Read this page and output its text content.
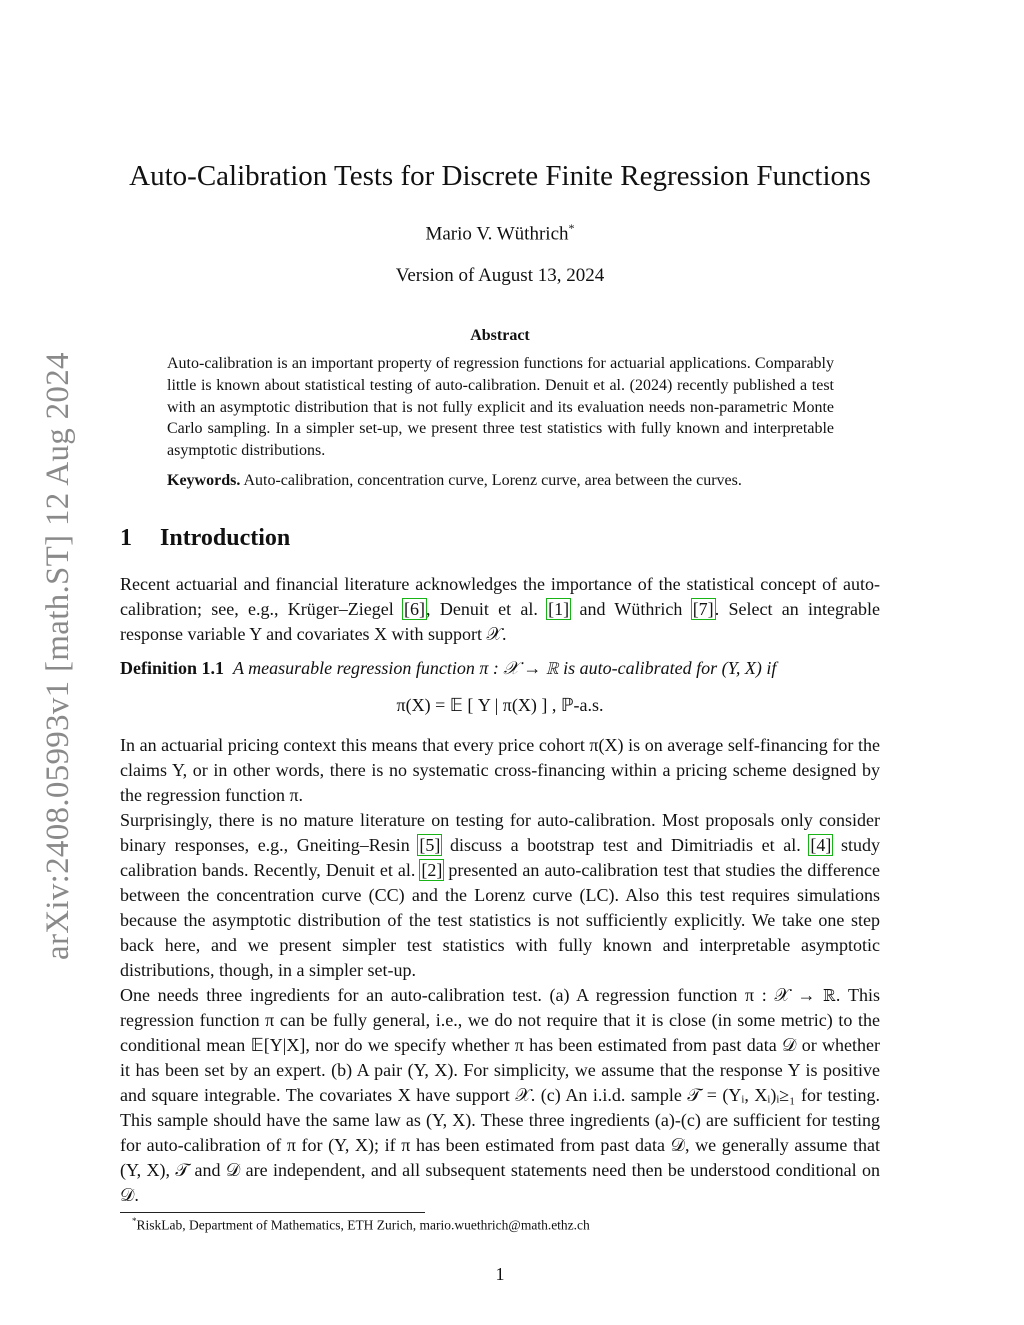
arXiv:2408.05993v1 [math.ST] 12 Aug 2024
Auto-Calibration Tests for Discrete Finite Regression Functions
Mario V. Wüthrich*
Version of August 13, 2024
Abstract
Auto-calibration is an important property of regression functions for actuarial applications. Comparably little is known about statistical testing of auto-calibration. Denuit et al. (2024) recently published a test with an asymptotic distribution that is not fully explicit and its evaluation needs non-parametric Monte Carlo sampling. In a simpler set-up, we present three test statistics with fully known and interpretable asymptotic distributions.
Keywords. Auto-calibration, concentration curve, Lorenz curve, area between the curves.
1 Introduction
Recent actuarial and financial literature acknowledges the importance of the statistical concept of auto-calibration; see, e.g., Krüger–Ziegel [6], Denuit et al. [1] and Wüthrich [7]. Select an integrable response variable Y and covariates X with support 𝒳.
Definition 1.1 A measurable regression function π : 𝒳 → ℝ is auto-calibrated for (Y, X) if
π(X) = 𝔼 [ Y | π(X) ] , ℙ-a.s.
In an actuarial pricing context this means that every price cohort π(X) is on average self-financing for the claims Y, or in other words, there is no systematic cross-financing within a pricing scheme designed by the regression function π.
Surprisingly, there is no mature literature on testing for auto-calibration. Most proposals only consider binary responses, e.g., Gneiting–Resin [5] discuss a bootstrap test and Dimitriadis et al. [4] study calibration bands. Recently, Denuit et al. [2] presented an auto-calibration test that studies the difference between the concentration curve (CC) and the Lorenz curve (LC). Also this test requires simulations because the asymptotic distribution of the test statistics is not sufficiently explicitly. We take one step back here, and we present simpler test statistics with fully known and interpretable asymptotic distributions, though, in a simpler set-up.
One needs three ingredients for an auto-calibration test. (a) A regression function π : 𝒳 → ℝ. This regression function π can be fully general, i.e., we do not require that it is close (in some metric) to the conditional mean 𝔼[Y|X], nor do we specify whether π has been estimated from past data 𝒟 or whether it has been set by an expert. (b) A pair (Y, X). For simplicity, we assume that the response Y is positive and square integrable. The covariates X have support 𝒳. (c) An i.i.d. sample 𝒯 = (Yᵢ, Xᵢ)ᵢ≥₁ for testing. This sample should have the same law as (Y, X). These three ingredients (a)-(c) are sufficient for testing for auto-calibration of π for (Y, X); if π has been estimated from past data 𝒟, we generally assume that (Y, X), 𝒯 and 𝒟 are independent, and all subsequent statements need then be understood conditional on 𝒟.
*RiskLab, Department of Mathematics, ETH Zurich, mario.wuethrich@math.ethz.ch
1
